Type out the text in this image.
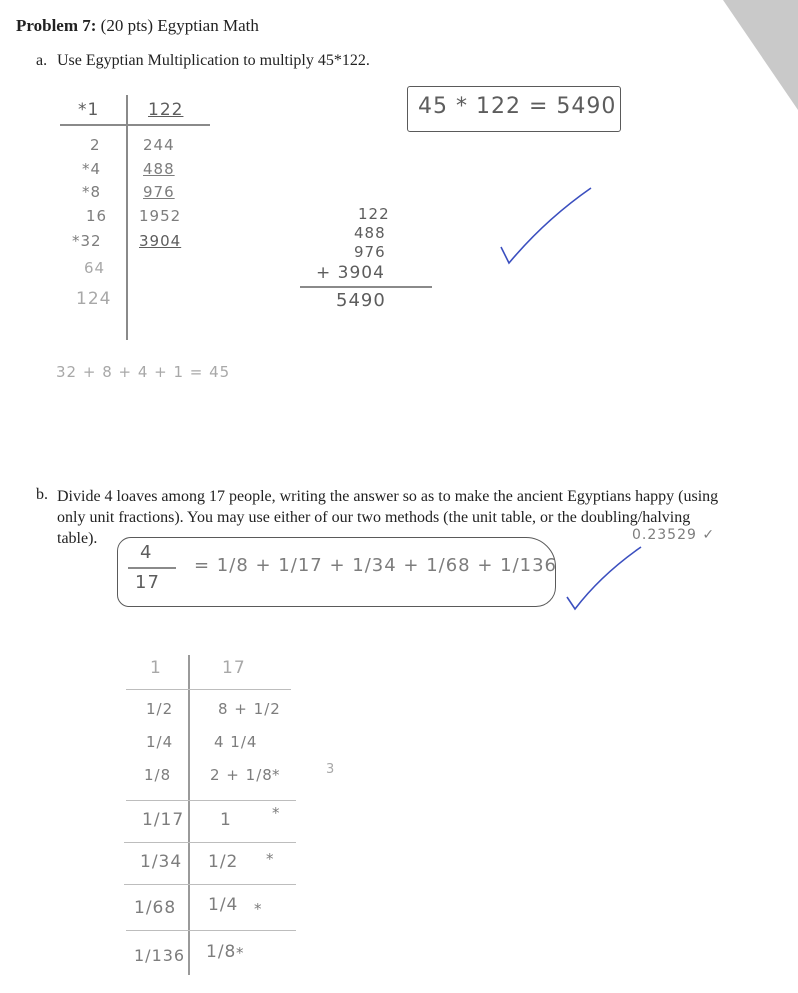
Problem 7: (20 pts) Egyptian Math
a. Use Egyptian Multiplication to multiply 45*122.
*1	122
2	244
*4	488
*8	976
16 1952
*32 3904
64
124
32 + 8 + 4 + 1 = 45
45 * 122 = 5490
122
488
976
+ 3904
5490
b. Divide 4 loaves among 17 people, writing the answer so as to make the ancient Egyptians happy (using
only unit fractions). You may use either of our two methods (the unit table, or the doubling/halving
table).	0.23529 ✓
4
17
= 1/8 + 1/17 + 1/34 + 1/68 + 1/136
1	17
1/2	8 + 1/2
1/4	4 1/4
1/8	2 + 1/8 *	3
1/17 1	*
1/34 1/2 *
1/68 1/4 *
1/136 1/8 *
